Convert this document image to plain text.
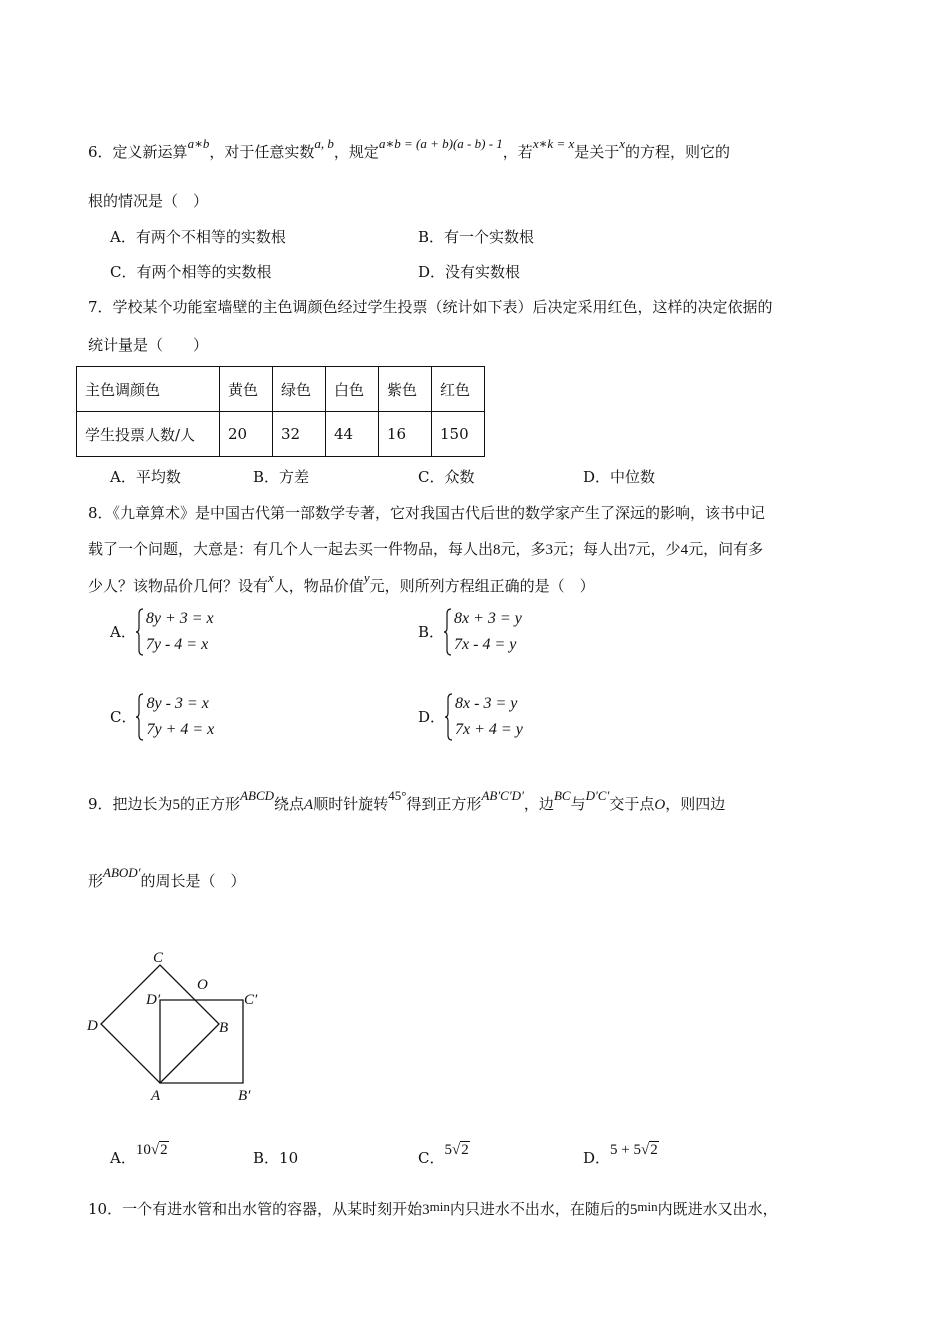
6．定义新运算a∗b，对于任意实数a, b，规定a∗b = (a + b)(a - b) - 1，若x∗k = x是关于x的方程，则它的
根的情况是（　）
A．有两个不相等的实数根	B．有一个实数根
C．有两个相等的实数根	D．没有实数根
7．学校某个功能室墙壁的主色调颜色经过学生投票（统计如下表）后决定采用红色，这样的决定依据的
统计量是（　　）
主色调颜色	黄色	绿色	白色	紫色	红色
学生投票人数/人	20	32	44	16	150
A．平均数	B．方差	C．众数	D．中位数
8．《九章算术》是中国古代第一部数学专著，它对我国古代后世的数学家产生了深远的影响，该书中记
载了一个问题，大意是：有几个人一起去买一件物品，每人出8元，多3元；每人出7元，少4元，问有多
少人？该物品价几何？设有x人，物品价值y元，则所列方程组正确的是（　）
A．
8y + 3 = x
7y - 4 = x
B．
8x + 3 = y
7x - 4 = y
C．
8y - 3 = x
7y + 4 = x
D．
8x - 3 = y
7x + 4 = y
9．把边长为5的正方形ABCD绕点A顺时针旋转45°得到正方形AB′C′D′，边BC与D′C′交于点O，则四边
形ABOD′的周长是（　）
C
O
D′	C′
D	B
A	B′
A．10√2	B．10	C．5√2	D．5 + 5√2
10．一个有进水管和出水管的容器，从某时刻开始3min内只进水不出水，在随后的5min内既进水又出水，
